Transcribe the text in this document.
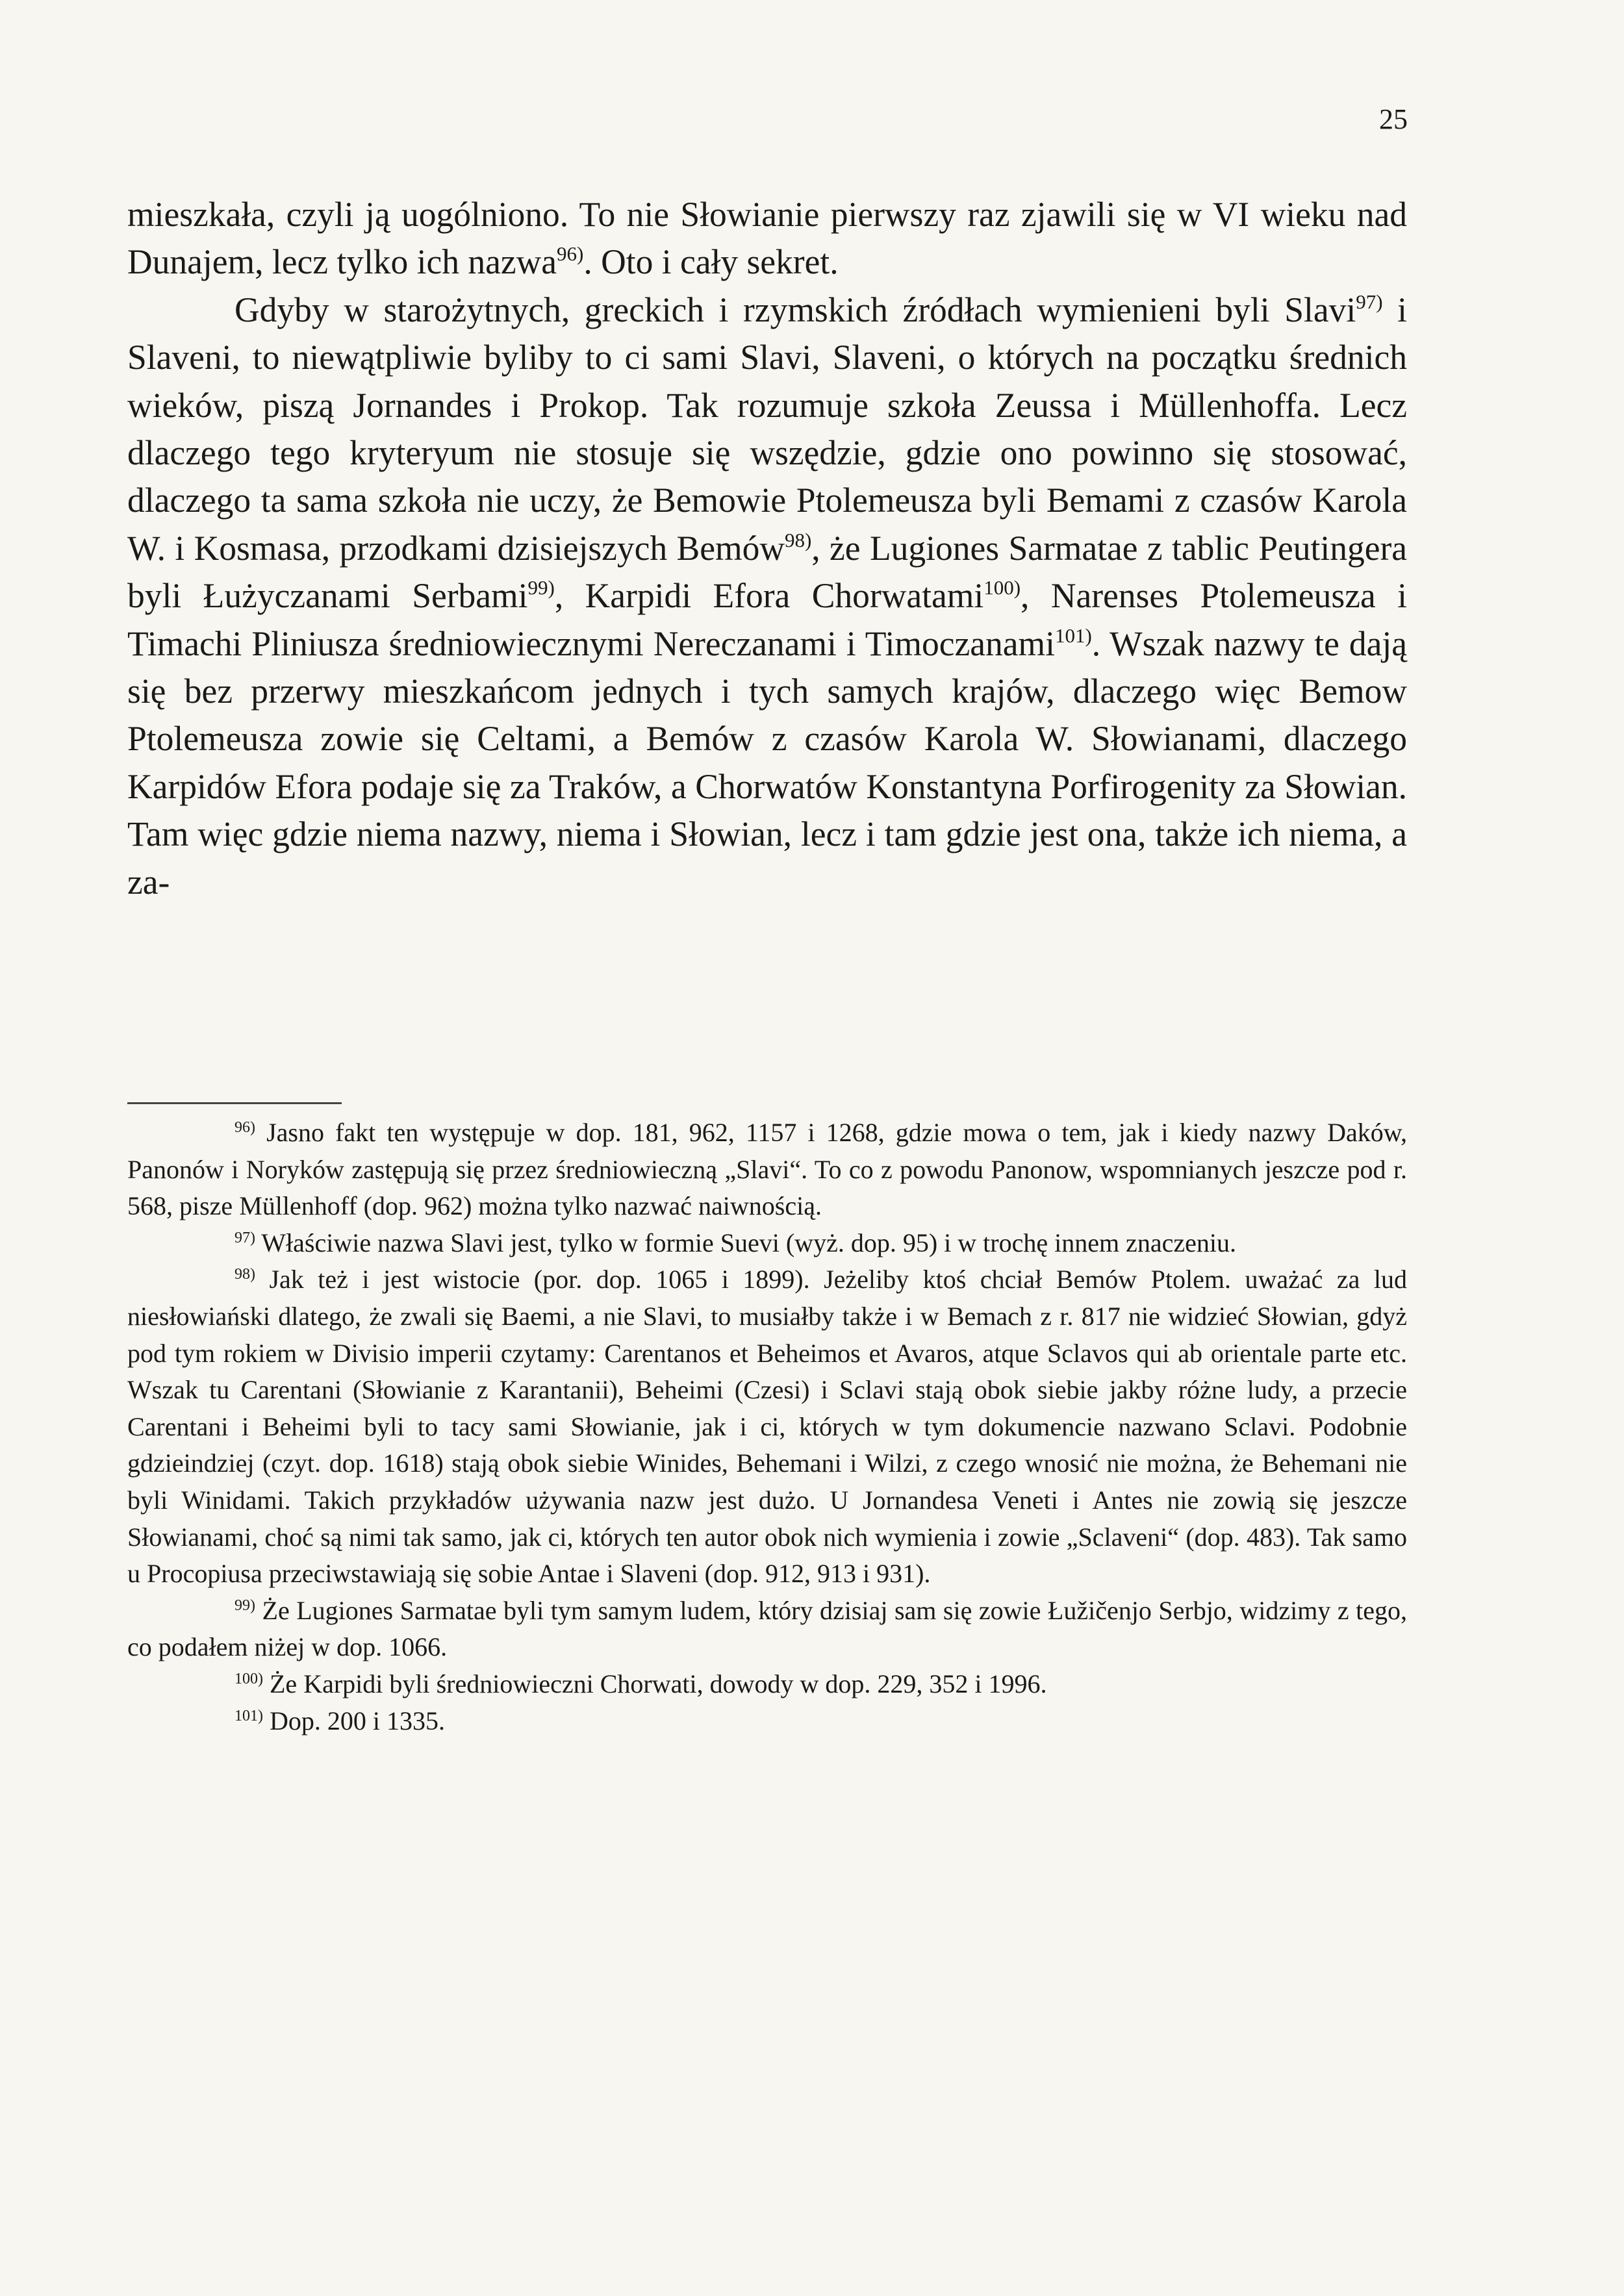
25

mieszkała, czyli ją uogólniono. To nie Słowianie pierwszy raz zjawili się w VI wieku nad Dunajem, lecz tylko ich nazwa$^{96)}$. Oto i cały sekret.

Gdyby w starożytnych, greckich i rzymskich źródłach wymienieni byli Slavi$^{97)}$ i Slaveni, to niewątpliwie byliby to ci sami Slavi, Slaveni, o których na początku średnich wieków, piszą Jornandes i Prokop. Tak rozumuje szkoła Zeussa i Müllenhoffa. Lecz dlaczego tego kryteryum nie stosuje się wszędzie, gdzie ono powinno się stosować, dlaczego ta sama szkoła nie uczy, że Bemowie Ptolemeusza byli Bemami z czasów Karola W. i Kosmasa, przodkami dzisiejszych Bemów$^{98)}$, że Lugiones Sarmatae z tablic Peutingera byli Łużyczanami Serbami$^{99)}$, Karpidi Efora Chorwatami$^{100)}$, Narenses Ptolemeusza i Timachi Pliniusza średniowiecznymi Nereczanami i Timoczanami$^{101)}$. Wszak nazwy te dają się bez przerwy mieszkańcom jednych i tych samych krajów, dlaczego więc Bemow Ptolemeusza zowie się Celtami, a Bemów z czasów Karola W. Słowianami, dlaczego Karpidów Efora podaje się za Traków, a Chorwatów Konstantyna Porfirogenity za Słowian. Tam więc gdzie niema nazwy, niema i Słowian, lecz i tam gdzie jest ona, także ich niema, a za-

$^{96)}$ Jasno fakt ten występuje w dop. 181, 962, 1157 i 1268, gdzie mowa o tem, jak i kiedy nazwy Daków, Panonów i Noryków zastępują się przez średniowieczną „Slavi“. To co z powodu Panonow, wspomnianych jeszcze pod r. 568, pisze Müllenhoff (dop. 962) można tylko nazwać naiwnością.

$^{97)}$ Właściwie nazwa Slavi jest, tylko w formie Suevi (wyż. dop. 95) i w trochę innem znaczeniu.

$^{98)}$ Jak też i jest wistocie (por. dop. 1065 i 1899). Jeżeliby ktoś chciał Bemów Ptolem. uważać za lud niesłowiański dlatego, że zwali się Baemi, a nie Slavi, to musiałby także i w Bemach z r. 817 nie widzieć Słowian, gdyż pod tym rokiem w Divisio imperii czytamy: Carentanos et Beheimos et Avaros, atque Sclavos qui ab orientale parte etc. Wszak tu Carentani (Słowianie z Karantanii), Beheimi (Czesi) i Sclavi stają obok siebie jakby różne ludy, a przecie Carentani i Beheimi byli to tacy sami Słowianie, jak i ci, których w tym dokumencie nazwano Sclavi. Podobnie gdzieindziej (czyt. dop. 1618) stają obok siebie Winides, Behemani i Wilzi, z czego wnosić nie można, że Behemani nie byli Winidami. Takich przykładów używania nazw jest dużo. U Jornandesa Veneti i Antes nie zowią się jeszcze Słowianami, choć są nimi tak samo, jak ci, których ten autor obok nich wymienia i zowie „Sclaveni“ (dop. 483). Tak samo u Procopiusa przeciwstawiają się sobie Antae i Slaveni (dop. 912, 913 i 931).

$^{99)}$ Że Lugiones Sarmatae byli tym samym ludem, który dzisiaj sam się zowie Łužičenjo Serbjo, widzimy z tego, co podałem niżej w dop. 1066.

$^{100)}$ Że Karpidi byli średniowieczni Chorwati, dowody w dop. 229, 352 i 1996.

$^{101)}$ Dop. 200 i 1335.
